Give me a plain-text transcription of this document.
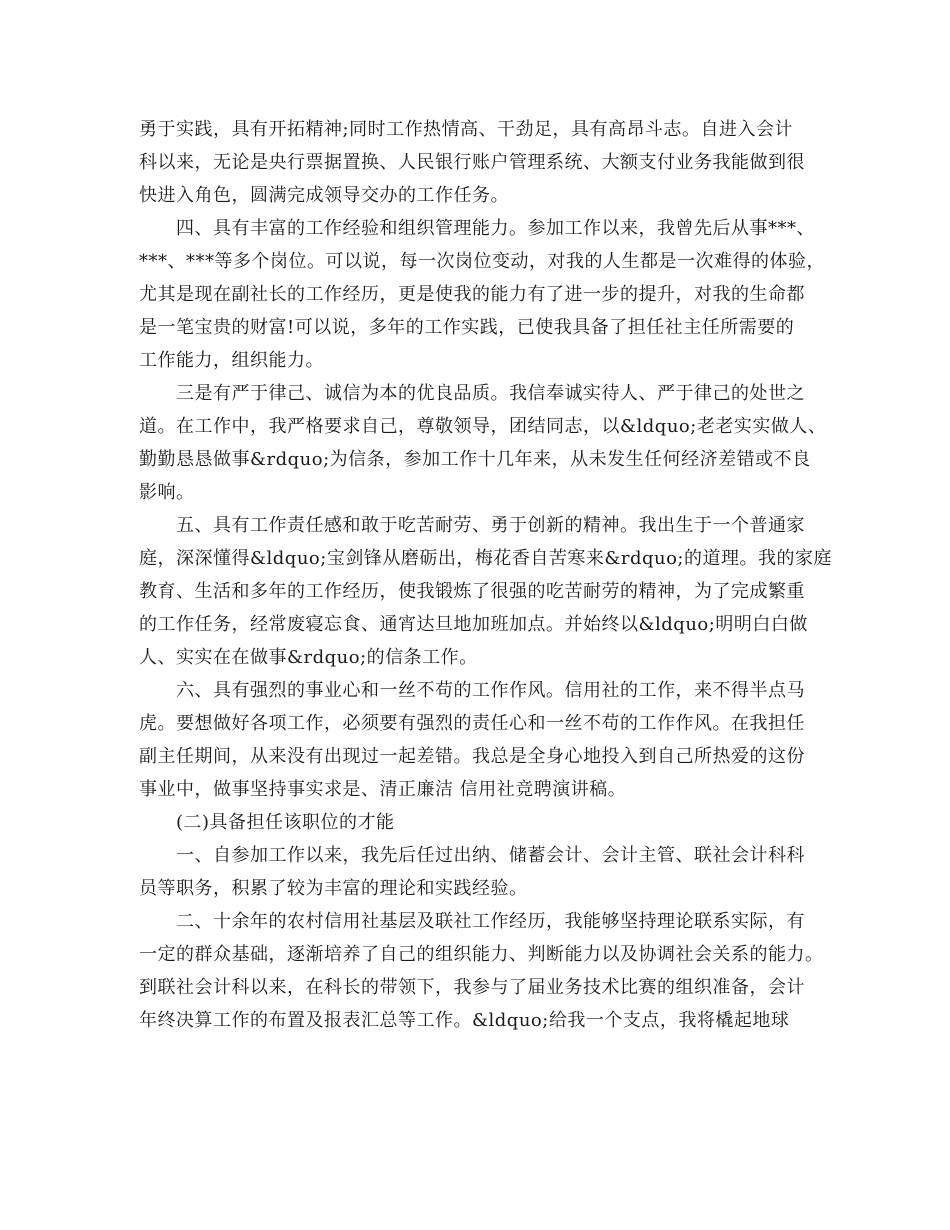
勇于实践，具有开拓精神;同时工作热情高、干劲足，具有高昂斗志。自进入会计
科以来，无论是央行票据置换、人民银行账户管理系统、大额支付业务我能做到很
快进入角色，圆满完成领导交办的工作任务。
　　四、具有丰富的工作经验和组织管理能力。参加工作以来，我曾先后从事***、
***、***等多个岗位。可以说，每一次岗位变动，对我的人生都是一次难得的体验，
尤其是现在副社长的工作经历，更是使我的能力有了进一步的提升，对我的生命都
是一笔宝贵的财富!可以说，多年的工作实践，已使我具备了担任社主任所需要的
工作能力，组织能力。
　　三是有严于律己、诚信为本的优良品质。我信奉诚实待人、严于律己的处世之
道。在工作中，我严格要求自己，尊敬领导，团结同志，以&ldquo;老老实实做人、
勤勤恳恳做事&rdquo;为信条，参加工作十几年来，从未发生任何经济差错或不良
影响。
　　五、具有工作责任感和敢于吃苦耐劳、勇于创新的精神。我出生于一个普通家
庭，深深懂得&ldquo;宝剑锋从磨砺出，梅花香自苦寒来&rdquo;的道理。我的家庭
教育、生活和多年的工作经历，使我锻炼了很强的吃苦耐劳的精神，为了完成繁重
的工作任务，经常废寝忘食、通宵达旦地加班加点。并始终以&ldquo;明明白白做
人、实实在在做事&rdquo;的信条工作。
　　六、具有强烈的事业心和一丝不苟的工作作风。信用社的工作，来不得半点马
虎。要想做好各项工作，必须要有强烈的责任心和一丝不苟的工作作风。在我担任
副主任期间，从来没有出现过一起差错。我总是全身心地投入到自己所热爱的这份
事业中，做事坚持事实求是、清正廉洁 信用社竞聘演讲稿。
　　(二)具备担任该职位的才能
　　一、自参加工作以来，我先后任过出纳、储蓄会计、会计主管、联社会计科科
员等职务，积累了较为丰富的理论和实践经验。
　　二、十余年的农村信用社基层及联社工作经历，我能够坚持理论联系实际，有
一定的群众基础，逐渐培养了自己的组织能力、判断能力以及协调社会关系的能力。
到联社会计科以来，在科长的带领下，我参与了届业务技术比赛的组织准备，会计
年终决算工作的布置及报表汇总等工作。&ldquo;给我一个支点，我将橇起地球
